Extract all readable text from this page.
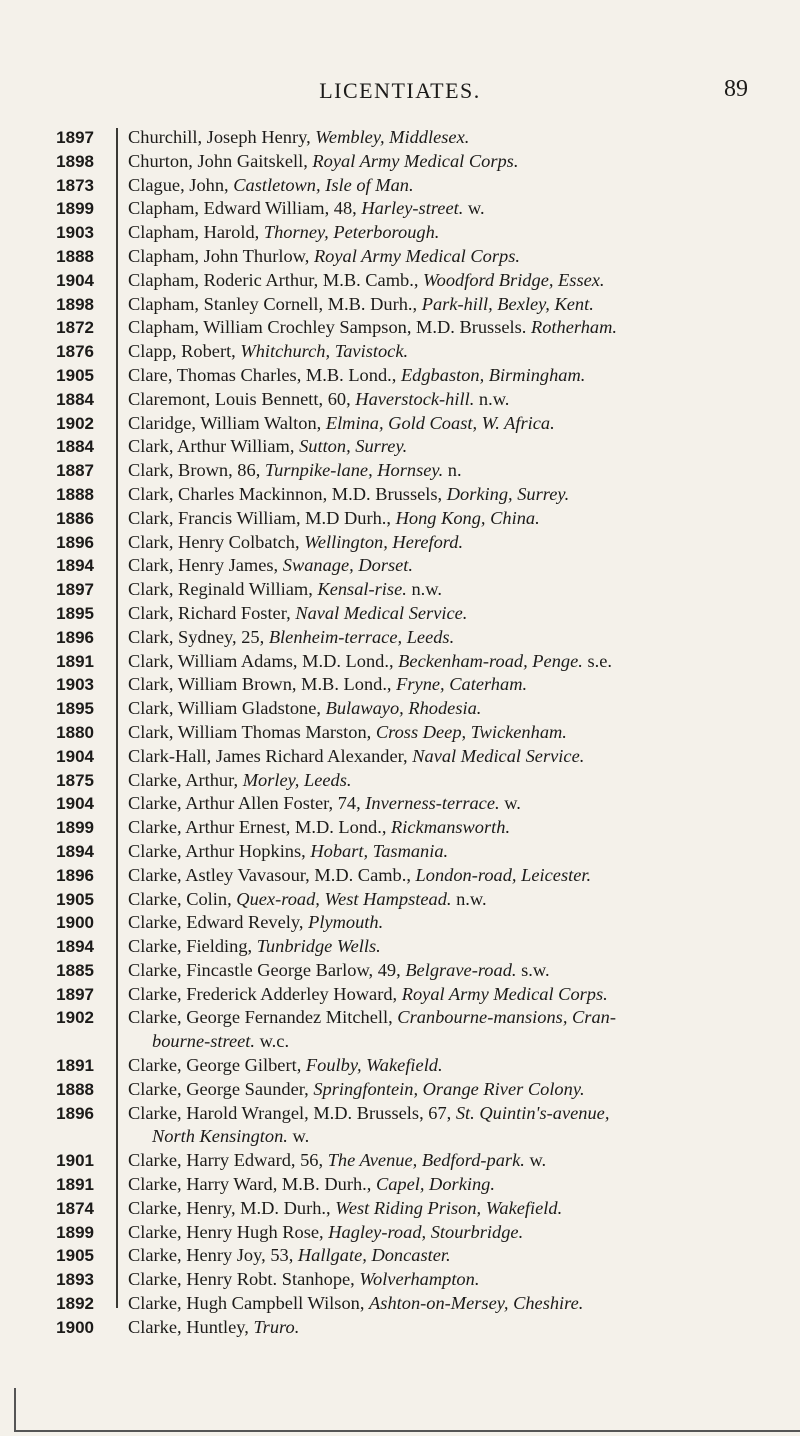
LICENTIATES.	89
1897 Churchill, Joseph Henry, Wembley, Middlesex.
1898 Churton, John Gaitskell, Royal Army Medical Corps.
1873 Clague, John, Castletown, Isle of Man.
1899 Clapham, Edward William, 48, Harley-street. w.
1903 Clapham, Harold, Thorney, Peterborough.
1888 Clapham, John Thurlow, Royal Army Medical Corps.
1904 Clapham, Roderic Arthur, M.B. Camb., Woodford Bridge, Essex.
1898 Clapham, Stanley Cornell, M.B. Durh., Park-hill, Bexley, Kent.
1872 Clapham, William Crochley Sampson, M.D. Brussels. Rotherham.
1876 Clapp, Robert, Whitchurch, Tavistock.
1905 Clare, Thomas Charles, M.B. Lond., Edgbaston, Birmingham.
1884 Claremont, Louis Bennett, 60, Haverstock-hill. n.w.
1902 Claridge, William Walton, Elmina, Gold Coast, W. Africa.
1884 Clark, Arthur William, Sutton, Surrey.
1887 Clark, Brown, 86, Turnpike-lane, Hornsey. n.
1888 Clark, Charles Mackinnon, M.D. Brussels, Dorking, Surrey.
1886 Clark, Francis William, M.D Durh., Hong Kong, China.
1896 Clark, Henry Colbatch, Wellington, Hereford.
1894 Clark, Henry James, Swanage, Dorset.
1897 Clark, Reginald William, Kensal-rise. n.w.
1895 Clark, Richard Foster, Naval Medical Service.
1896 Clark, Sydney, 25, Blenheim-terrace, Leeds.
1891 Clark, William Adams, M.D. Lond., Beckenham-road, Penge. s.e.
1903 Clark, William Brown, M.B. Lond., Fryne, Caterham.
1895 Clark, William Gladstone, Bulawayo, Rhodesia.
1880 Clark, William Thomas Marston, Cross Deep, Twickenham.
1904 Clark-Hall, James Richard Alexander, Naval Medical Service.
1875 Clarke, Arthur, Morley, Leeds.
1904 Clarke, Arthur Allen Foster, 74, Inverness-terrace. w.
1899 Clarke, Arthur Ernest, M.D. Lond., Rickmansworth.
1894 Clarke, Arthur Hopkins, Hobart, Tasmania.
1896 Clarke, Astley Vavasour, M.D. Camb., London-road, Leicester.
1905 Clarke, Colin, Quex-road, West Hampstead. n.w.
1900 Clarke, Edward Revely, Plymouth.
1894 Clarke, Fielding, Tunbridge Wells.
1885 Clarke, Fincastle George Barlow, 49, Belgrave-road. s.w.
1897 Clarke, Frederick Adderley Howard, Royal Army Medical Corps.
1902 Clarke, George Fernandez Mitchell, Cranbourne-mansions, Cran-
bourne-street. w.c.
1891 Clarke, George Gilbert, Foulby, Wakefield.
1888 Clarke, George Saunder, Springfontein, Orange River Colony.
1896 Clarke, Harold Wrangel, M.D. Brussels, 67, St. Quintin's-avenue,
North Kensington. w.
1901 Clarke, Harry Edward, 56, The Avenue, Bedford-park. w.
1891 Clarke, Harry Ward, M.B. Durh., Capel, Dorking.
1874 Clarke, Henry, M.D. Durh., West Riding Prison, Wakefield.
1899 Clarke, Henry Hugh Rose, Hagley-road, Stourbridge.
1905 Clarke, Henry Joy, 53, Hallgate, Doncaster.
1893 Clarke, Henry Robt. Stanhope, Wolverhampton.
1892 Clarke, Hugh Campbell Wilson, Ashton-on-Mersey, Cheshire.
1900 Clarke, Huntley, Truro.
